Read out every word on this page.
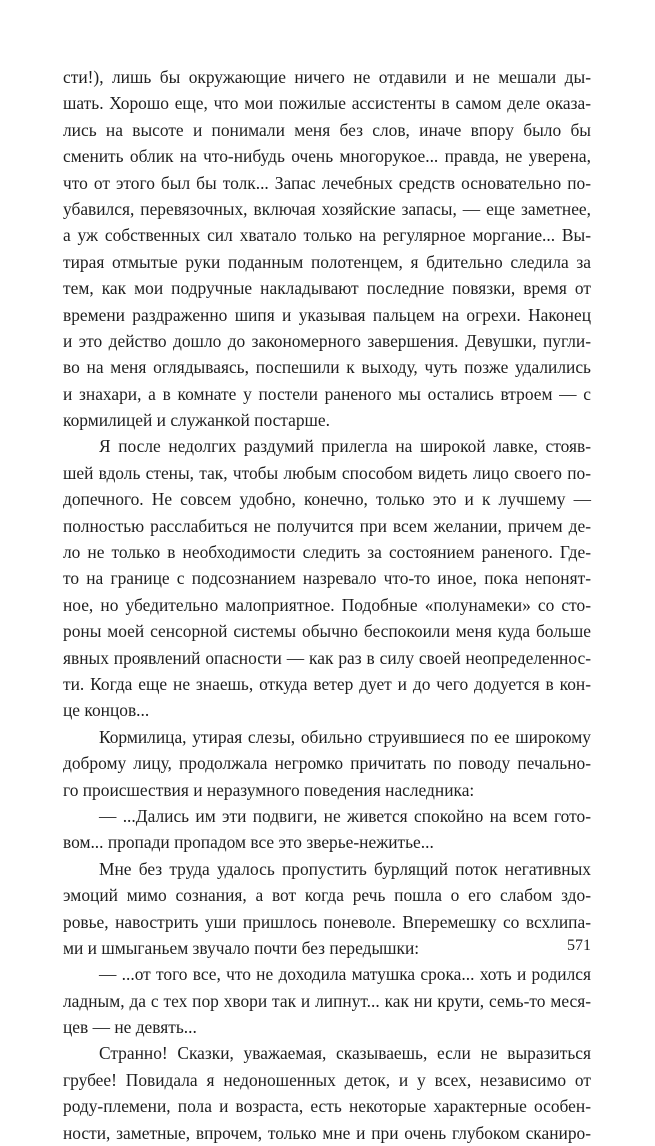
сти!), лишь бы окружающие ничего не отдавили и не мешали ды-
шать. Хорошо еще, что мои пожилые ассистенты в самом деле оказа-
лись на высоте и понимали меня без слов, иначе впору было бы
сменить облик на что-нибудь очень многорукое... правда, не уверена,
что от этого был бы толк... Запас лечебных средств основательно по-
убавился, перевязочных, включая хозяйские запасы, — еще заметнее,
а уж собственных сил хватало только на регулярное моргание... Вы-
тирая отмытые руки поданным полотенцем, я бдительно следила за
тем, как мои подручные накладывают последние повязки, время от
времени раздраженно шипя и указывая пальцем на огрехи. Наконец
и это действо дошло до закономерного завершения. Девушки, пугли-
во на меня оглядываясь, поспешили к выходу, чуть позже удалились
и знахари, а в комнате у постели раненого мы остались втроем — с
кормилицей и служанкой постарше.
Я после недолгих раздумий прилегла на широкой лавке, стояв-
шей вдоль стены, так, чтобы любым способом видеть лицо своего по-
допечного. Не совсем удобно, конечно, только это и к лучшему —
полностью расслабиться не получится при всем желании, причем де-
ло не только в необходимости следить за состоянием раненого. Где-
то на границе с подсознанием назревало что-то иное, пока непонят-
ное, но убедительно малоприятное. Подобные «полунамеки» со сто-
роны моей сенсорной системы обычно беспокоили меня куда больше
явных проявлений опасности — как раз в силу своей неопределеннос-
ти. Когда еще не знаешь, откуда ветер дует и до чего додуется в кон-
це концов...
Кормилица, утирая слезы, обильно струившиеся по ее широкому
доброму лицу, продолжала негромко причитать по поводу печально-
го происшествия и неразумного поведения наследника:
— ...Дались им эти подвиги, не живется спокойно на всем гото-
вом... пропади пропадом все это зверье-нежитье...
Мне без труда удалось пропустить бурлящий поток негативных
эмоций мимо сознания, а вот когда речь пошла о его слабом здо-
ровье, навострить уши пришлось поневоле. Вперемешку со всхлипа-
ми и шмыганьем звучало почти без передышки:
— ...от того все, что не доходила матушка срока... хоть и родился
ладным, да с тех пор хвори так и липнут... как ни крути, семь-то меся-
цев — не девять...
Странно! Сказки, уважаемая, сказываешь, если не выразиться
грубее! Повидала я недоношенных деток, и у всех, независимо от
роду-племени, пола и возраста, есть некоторые характерные особен-
ности, заметные, впрочем, только мне и при очень глубоком сканиро-
571
